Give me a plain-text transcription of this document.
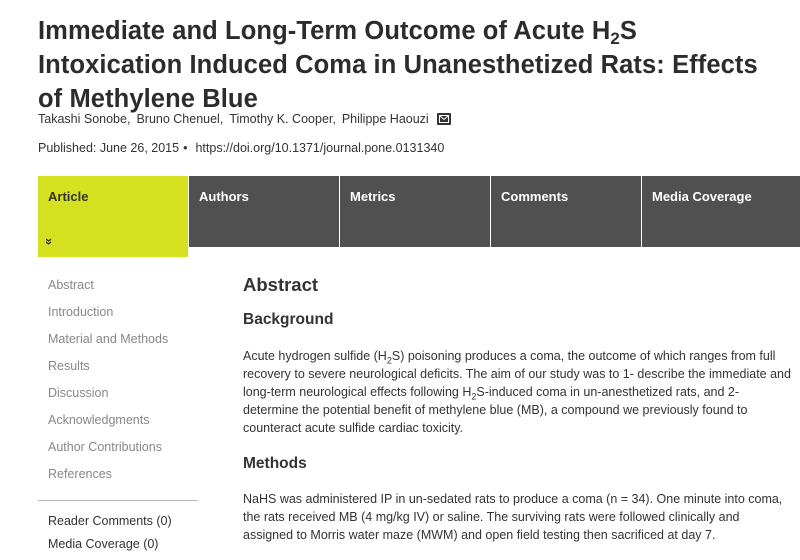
Immediate and Long-Term Outcome of Acute $H_2S$ Intoxication Induced Coma in Unanesthetized Rats: Effects of Methylene Blue
Takashi Sonobe, Bruno Chenuel, Timothy K. Cooper, Philippe Haouzi
Published: June 26, 2015 • https://doi.org/10.1371/journal.pone.0131340
Article
»
Authors	Metrics	Comments	Media Coverage
Abstract
Introduction
Material and Methods
Results
Discussion
Acknowledgments
Author Contributions
References
Reader Comments (0)
Media Coverage (0)
Abstract
Background

Acute hydrogen sulfide $(H_2S)$ poisoning produces a coma, the outcome of which ranges from full recovery to severe neurological deficits. The aim of our study was to 1- describe the immediate and long-term neurological effects following $H_2S$-induced coma in un-anesthetized rats, and 2- determine the potential benefit of methylene blue (MB), a compound we previously found to counteract acute sulfide cardiac toxicity.

Methods

NaHS was administered IP in un-sedated rats to produce a coma (n = 34). One minute into coma, the rats received MB (4 mg/kg IV) or saline. The surviving rats were followed clinically and assigned to Morris water maze (MWM) and open field testing then sacrificed at day 7.
